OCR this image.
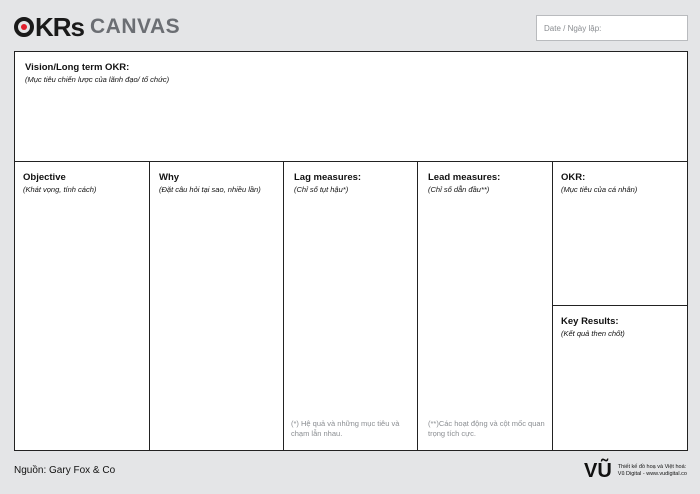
KRs CANVAS	Date / Ngày lập:
Vision/Long term OKR:
(Mục tiêu chiến lược của lãnh đạo/ tổ chức)
Objective
(Khát vọng, tính cách)
Why
(Đặt câu hỏi tại sao, nhiều lần)
Lag measures:
(Chỉ số tụt hậu*)
(*) Hệ quả và những mục tiêu và chạm lẫn nhau.
Lead measures:
(Chỉ số dẫn đầu**)
(**)Các hoạt động và cột mốc quan trọng tích cực.
OKR:
(Mục tiêu của cá nhân)
Key Results:
(Kết quả then chốt)
Nguồn: Gary Fox & Co	VŨ Thiết kế đồ hoạ và Việt hoá:
Vũ Digital - www.vudigital.co
